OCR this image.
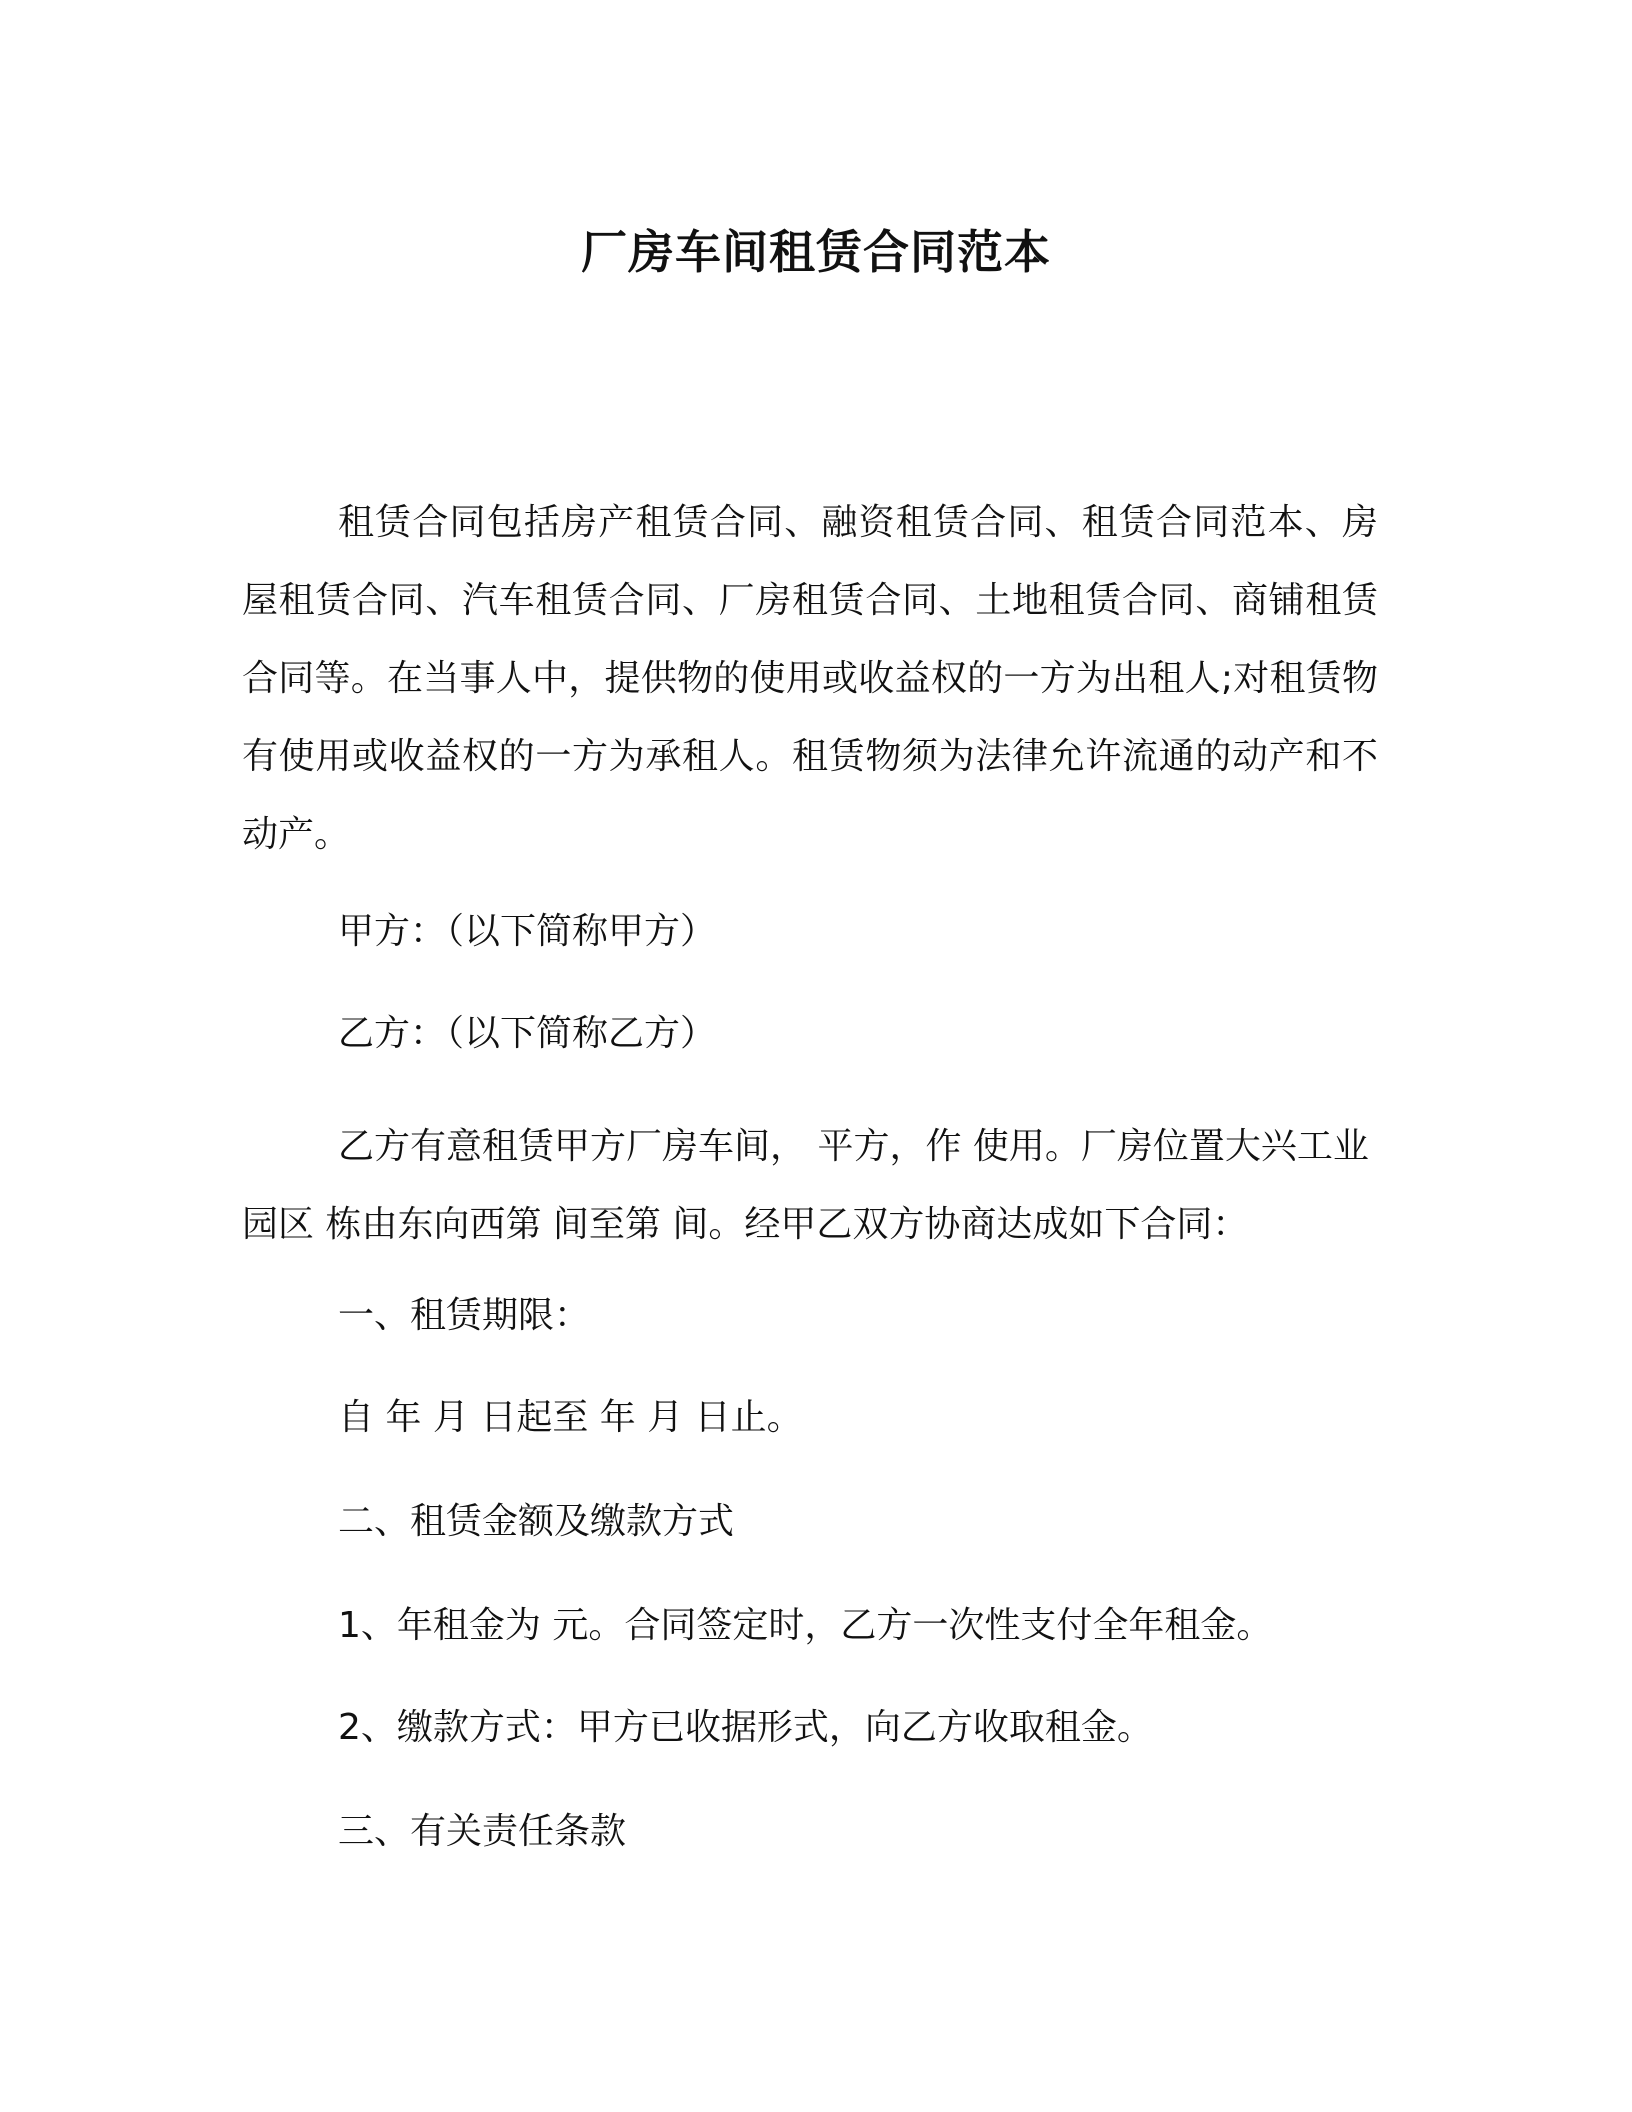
厂房车间租赁合同范本
租赁合同包括房产租赁合同、融资租赁合同、租赁合同范本、房屋租赁合同、汽车租赁合同、厂房租赁合同、土地租赁合同、商铺租赁合同等。在当事人中，提供物的使用或收益权的一方为出租人;对租赁物有使用或收益权的一方为承租人。租赁物须为法律允许流通的动产和不动产。
甲方：（以下简称甲方）
乙方：（以下简称乙方）
乙方有意租赁甲方厂房车间， 平方，作 使用。厂房位置大兴工业园区 栋由东向西第 间至第 间。经甲乙双方协商达成如下合同：
一、租赁期限：
自 年 月 日起至 年 月 日止。
二、租赁金额及缴款方式
1、年租金为 元。合同签定时，乙方一次性支付全年租金。
2、缴款方式：甲方已收据形式，向乙方收取租金。
三、有关责任条款
